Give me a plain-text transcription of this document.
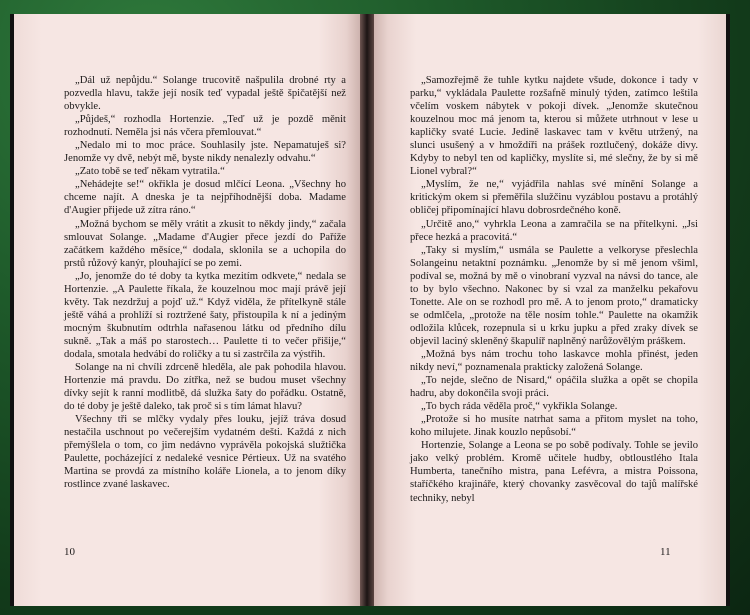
„Dál už nepůjdu.“ Solange trucovitě našpulila drobné rty a pozvedla hlavu, takže její nosík teď vypadal ještě špičatější než obvykle.

„Půjdeš,“ rozhodla Hortenzie. „Teď už je pozdě měnit rozhodnutí. Neměla jsi nás včera přemlouvat.“

„Nedalo mi to moc práce. Souhlasily jste. Nepamatuješ si? Jenomže vy dvě, nebýt mě, byste nikdy nenalezly odvahu.“

„Zato tobě se teď někam vytratila.“

„Nehádejte se!“ okřikla je dosud mlčící Leona. „Všechny ho chceme najít. A dneska je ta nejpříhodnější doba. Madame d'Augier přijede už zítra ráno.“

„Možná bychom se měly vrátit a zkusit to někdy jindy,“ začala smlouvat Solange. „Madame d'Augier přece jezdí do Paříže začátkem každého měsíce,“ dodala, sklonila se a uchopila do prstů růžový kanýr, plouhající se po zemi.

„Jo, jenomže do té doby ta kytka mezitím odkvete,“ nedala se Hortenzie. „A Paulette říkala, že kouzelnou moc mají právě její květy. Tak nezdržuj a pojď už.“ Když viděla, že přítelkyně stále ještě váhá a prohlíží si roztržené šaty, přistoupila k ní a jediným mocným škubnutím odtrhla nařasenou látku od předního dílu sukně. „Tak a máš po starostech… Paulette ti to večer přišije,“ dodala, smotala hedvábí do roličky a tu si zastrčila za výstřih.

Solange na ni chvíli zdrceně hleděla, ale pak pohodila hlavou. Hortenzie má pravdu. Do zítřka, než se budou muset všechny dívky sejít k ranní modlitbě, dá služka šaty do pořádku. Ostatně, do té doby je ještě daleko, tak proč si s tím lámat hlavu?

Všechny tři se mlčky vydaly přes louku, jejíž tráva dosud nestačila uschnout po večerejším vydatném dešti. Každá z nich přemýšlela o tom, co jim nedávno vyprávěla pokojská služtička Paulette, pocházející z nedaleké vesnice Pértieux. Už na svatého Martina se provdá za místního koláře Lionela, a to jenom díky rostlince zvané laskavec.

10

„Samozřejmě že tuhle kytku najdete všude, dokonce i tady v parku,“ vykládala Paulette rozšafně minulý týden, zatímco leštila včelím voskem nábytek v pokoji dívek. „Jenomže skutečnou kouzelnou moc má jenom ta, kterou si můžete utrhnout v lese u kapličky svaté Lucie. Jedině laskavec tam v květu utržený, na slunci usušený a v hmoždíři na prášek roztlučený, dokáže divy. Kdyby to nebyl ten od kapličky, myslíte si, mé slečny, že by si mě Lionel vybral?“

„Myslím, že ne,“ vyjádřila nahlas své mínění Solange a kritickým okem si přeměřila služčinu vyzáblou postavu a protáhlý obličej připomínající hlavu dobrosrdečného koně.

„Určitě ano,“ vyhrkla Leona a zamračila se na přítelkyni. „Jsi přece hezká a pracovitá.“

„Taky si myslím,“ usmála se Paulette a velkoryse přeslechla Solangeinu netaktní poznámku. „Jenomže by si mě jenom všiml, podíval se, možná by mě o vinobraní vyzval na návsi do tance, ale to by bylo všechno. Nakonec by si vzal za manželku pekařovu Tonette. Ale on se rozhodl pro mě. A to jenom proto,“ dramaticky se odmlčela, „protože na těle nosím tohle.“ Paulette na okamžik odložila klůcek, rozepnula si u krku jupku a před zraky dívek se objevil laciný skleněný škapulíř naplněný narůžovělým práškem.

„Možná bys nám trochu toho laskavce mohla přinést, jeden nikdy neví,“ poznamenala prakticky založená Solange.

„To nejde, slečno de Nisard,“ opáčila služka a opět se chopila hadru, aby dokončila svoji práci.

„To bych ráda věděla proč,“ vykřikla Solange.

„Protože si ho musíte natrhat sama a přitom myslet na toho, koho milujete. Jinak kouzlo nepůsobí.“

Hortenzie, Solange a Leona se po sobě podívaly. Tohle se jevilo jako velký problém. Kromě učitele hudby, obtloustlého Itala Humberta, tanečního mistra, pana Lefévra, a mistra Poissona, staříčkého krajináře, který chovanky zasvěcoval do tajů malířské techniky, nebyl

11
